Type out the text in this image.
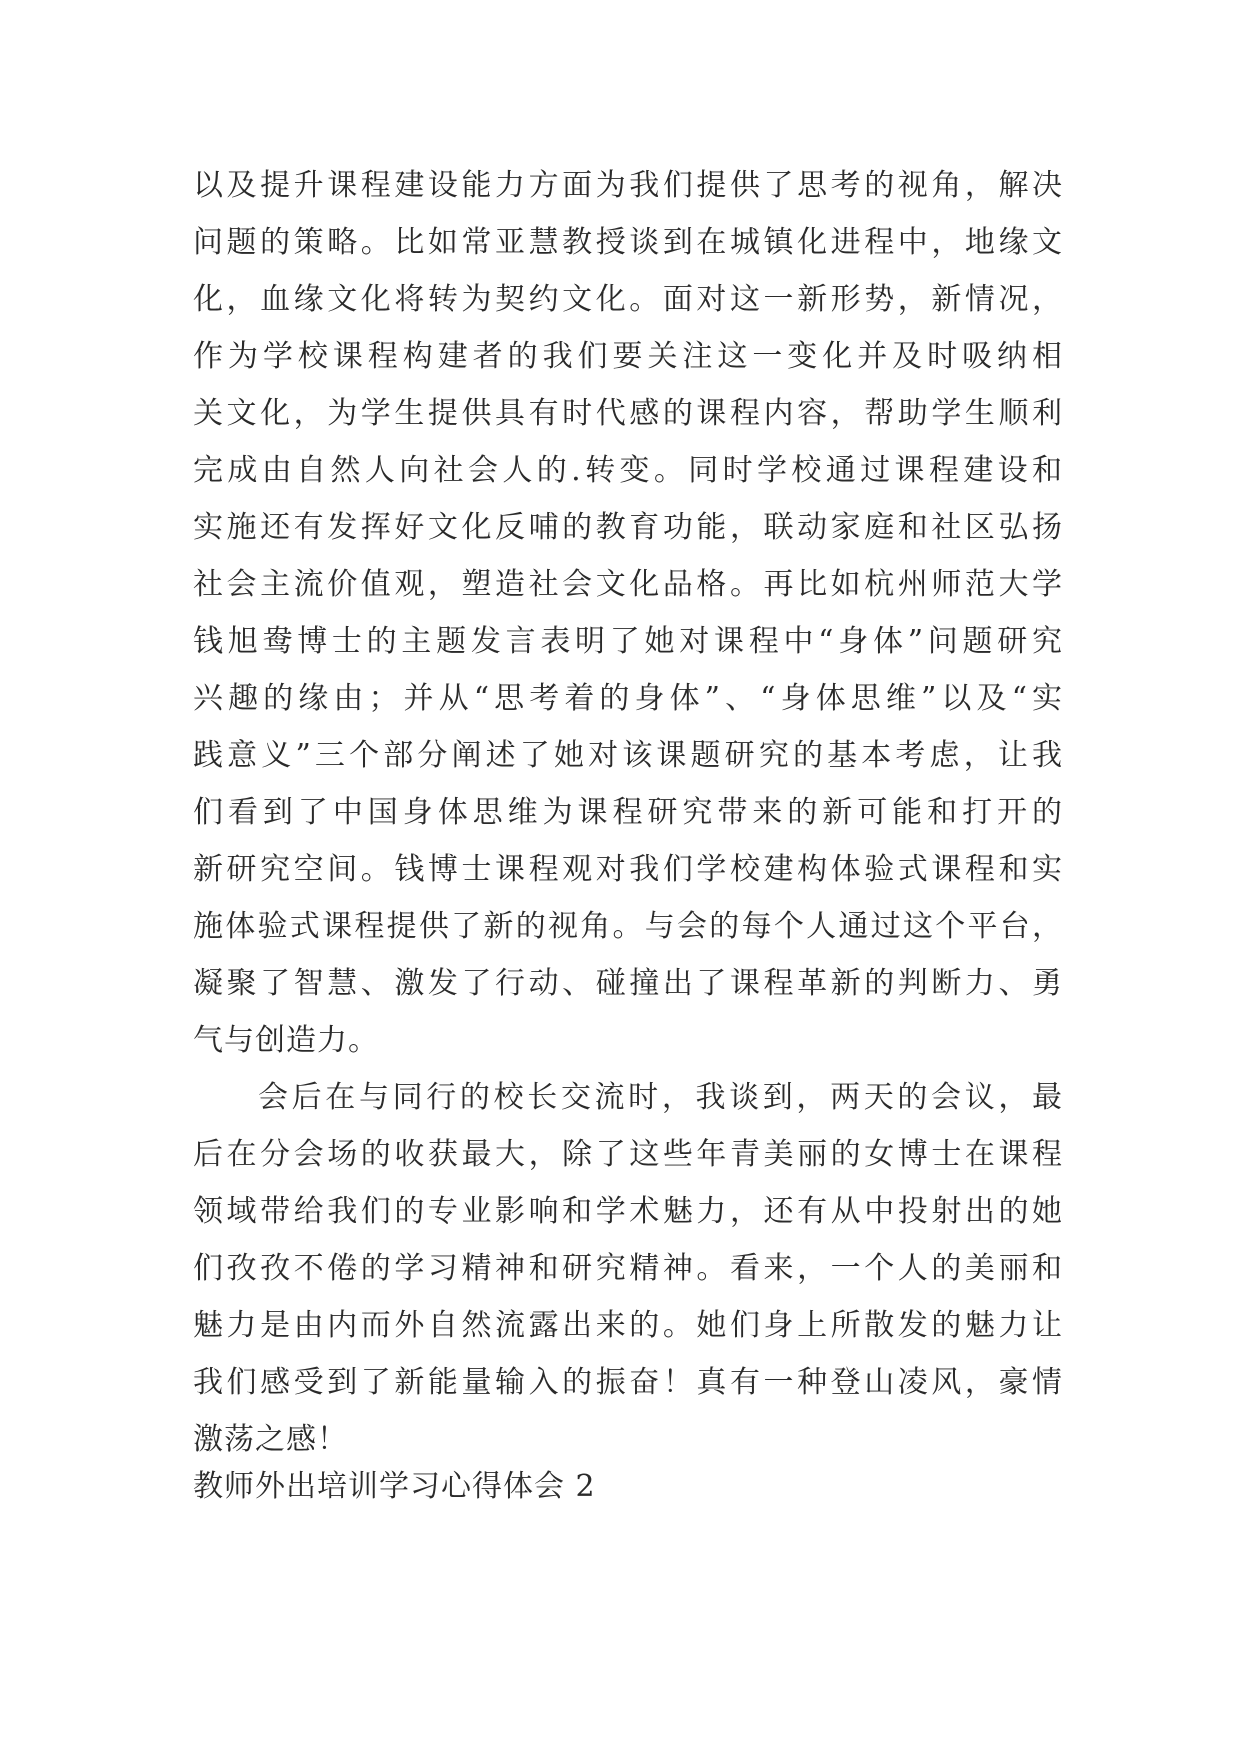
以及提升课程建设能力方面为我们提供了思考的视角，解决
问题的策略。比如常亚慧教授谈到在城镇化进程中，地缘文
化，血缘文化将转为契约文化。面对这一新形势，新情况，
作为学校课程构建者的我们要关注这一变化并及时吸纳相
关文化，为学生提供具有时代感的课程内容，帮助学生顺利
完成由自然人向社会人的.转变。同时学校通过课程建设和
实施还有发挥好文化反哺的教育功能，联动家庭和社区弘扬
社会主流价值观，塑造社会文化品格。再比如杭州师范大学
钱旭鸯博士的主题发言表明了她对课程中“身体”问题研究
兴趣的缘由；并从“思考着的身体”、“身体思维”以及“实
践意义”三个部分阐述了她对该课题研究的基本考虑，让我
们看到了中国身体思维为课程研究带来的新可能和打开的
新研究空间。钱博士课程观对我们学校建构体验式课程和实
施体验式课程提供了新的视角。与会的每个人通过这个平台，
凝聚了智慧、激发了行动、碰撞出了课程革新的判断力、勇
气与创造力。
会后在与同行的校长交流时，我谈到，两天的会议，最
后在分会场的收获最大，除了这些年青美丽的女博士在课程
领域带给我们的专业影响和学术魅力，还有从中投射出的她
们孜孜不倦的学习精神和研究精神。看来，一个人的美丽和
魅力是由内而外自然流露出来的。她们身上所散发的魅力让
我们感受到了新能量输入的振奋！真有一种登山凌风，豪情
激荡之感！
教师外出培训学习心得体会 2
